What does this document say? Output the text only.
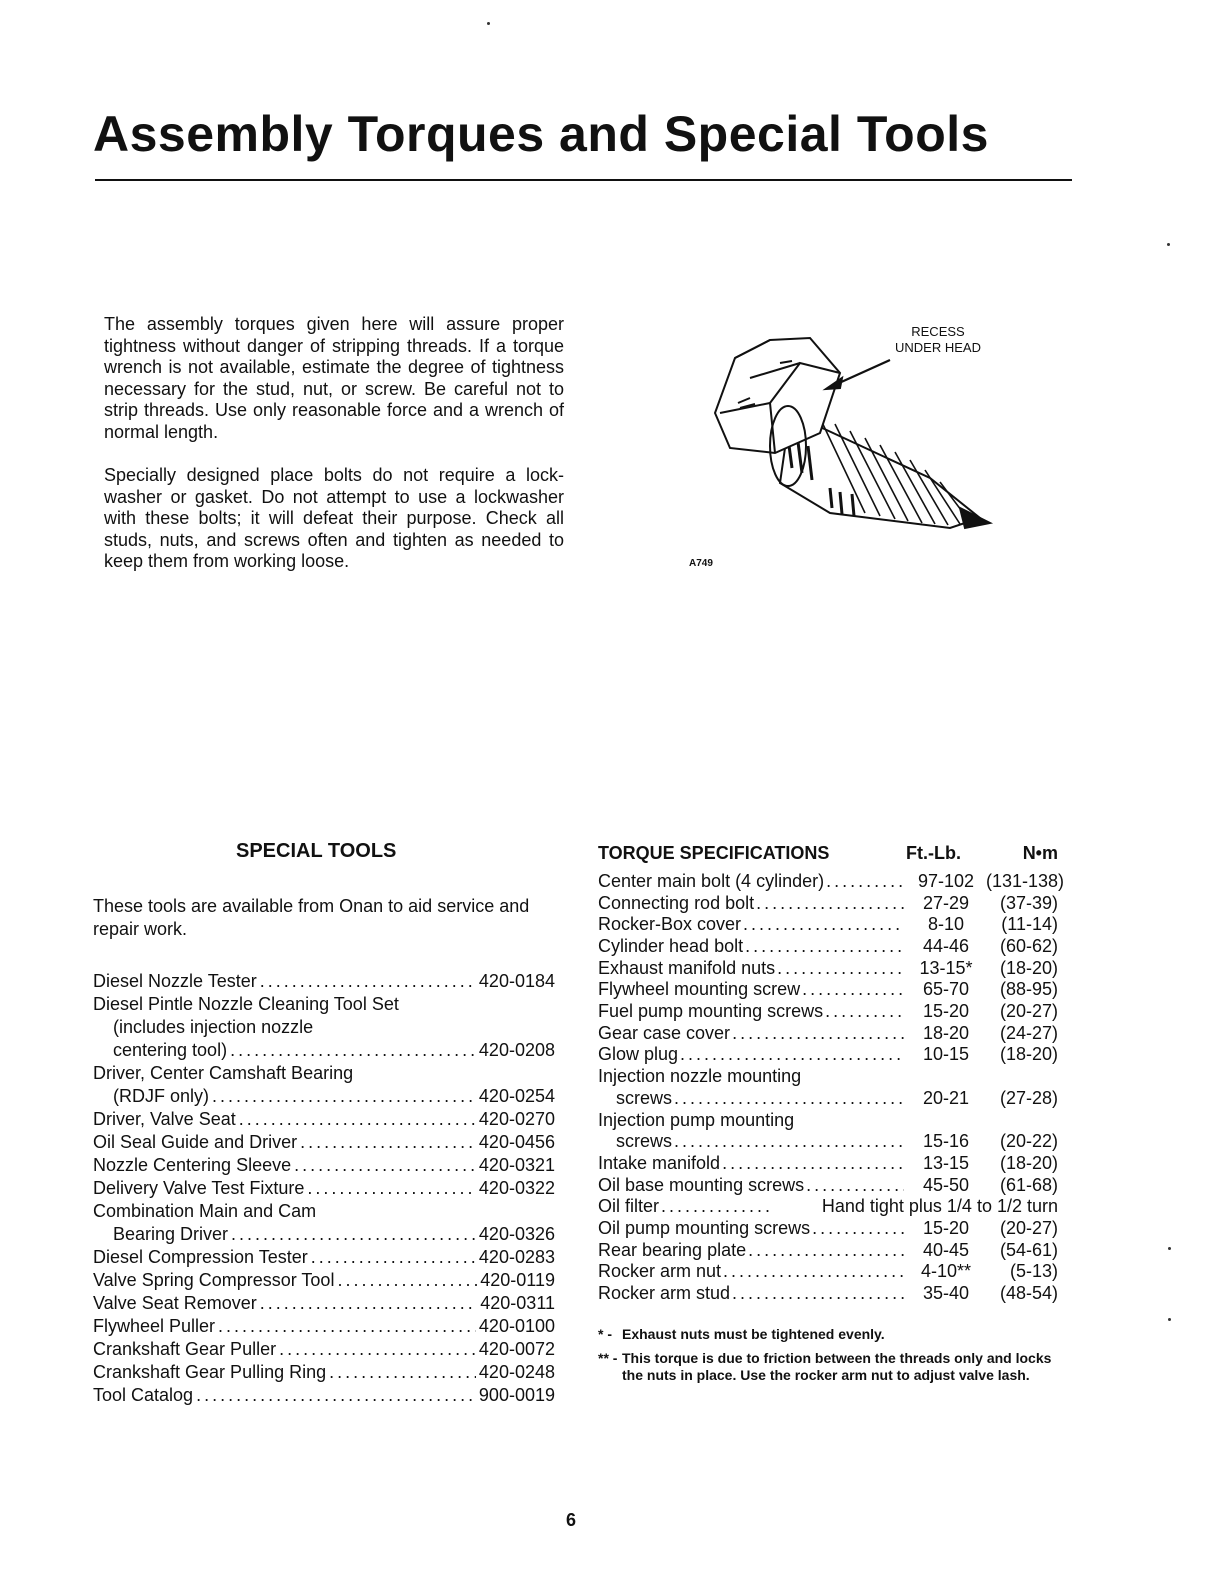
Assembly Torques and Special Tools

The assembly torques given here will assure proper tightness without danger of stripping threads. If a torque wrench is not available, estimate the degree of tightness necessary for the stud, nut, or screw. Be careful not to strip threads. Use only reasonable force and a wrench of normal length.

Specially designed place bolts do not require a lock-washer or gasket. Do not attempt to use a lockwasher with these bolts; it will defeat their purpose. Check all studs, nuts, and screws often and tighten as needed to keep them from working loose.

RECESS
UNDER HEAD
A749
SPECIAL TOOLS

These tools are available from Onan to aid service and repair work.

Diesel Nozzle Tester . . .	420-0184
Diesel Pintle Nozzle Cleaning Tool Set
(includes injection nozzle
centering tool) . . .	420-0208
Driver, Center Camshaft Bearing
(RDJF only) . . .	420-0254
Driver, Valve Seat . . .	420-0270
Oil Seal Guide and Driver . . .	420-0456
Nozzle Centering Sleeve . . .	420-0321
Delivery Valve Test Fixture . . .	420-0322
Combination Main and Cam
Bearing Driver . . .	420-0326
Diesel Compression Tester . . .	420-0283
Valve Spring Compressor Tool . . .	420-0119
Valve Seat Remover . . .	420-0311
Flywheel Puller . . .	420-0100
Crankshaft Gear Puller . . .	420-0072
Crankshaft Gear Pulling Ring . . .	420-0248
Tool Catalog . . .	900-0019
TORQUE SPECIFICATIONS	Ft.-Lb.	N•m
Center main bolt (4 cylinder) . . .	97-102 (131-138)
Connecting rod bolt . . .	27-29	(37-39)
Rocker-Box cover . . .	8-10	(11-14)
Cylinder head bolt . . .	44-46	(60-62)
Exhaust manifold nuts . . .	13-15*	(18-20)
Flywheel mounting screw . . .	65-70	(88-95)
Fuel pump mounting screws . . .	15-20	(20-27)
Gear case cover . . .	18-20	(24-27)
Glow plug . . .	10-15	(18-20)
Injection nozzle mounting
screws . . .	20-21	(27-28)
Injection pump mounting
screws . . .	15-16	(20-22)
Intake manifold . . .	13-15	(18-20)
Oil base mounting screws . . .	45-50	(61-68)
Oil filter . . .	Hand tight plus 1/4 to 1/2 turn
Oil pump mounting screws . . .	15-20	(20-27)
Rear bearing plate . . .	40-45	(54-61)
Rocker arm nut . . .	4-10**	(5-13)
Rocker arm stud . . .	35-40	(48-54)
* - Exhaust nuts must be tightened evenly.
** - This torque is due to friction between the threads only and locks the nuts in place. Use the rocker arm nut to adjust valve lash.
6
